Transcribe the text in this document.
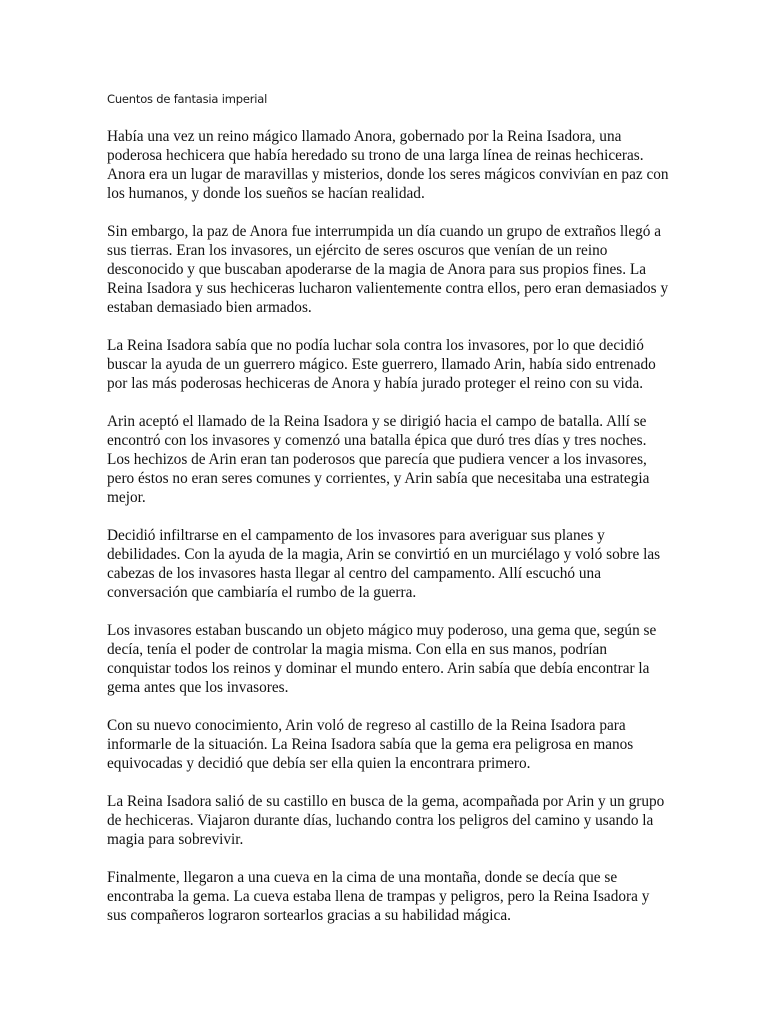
Cuentos de fantasia imperial

Había una vez un reino mágico llamado Anora, gobernado por la Reina Isadora, una poderosa hechicera que había heredado su trono de una larga línea de reinas hechiceras. Anora era un lugar de maravillas y misterios, donde los seres mágicos convivían en paz con los humanos, y donde los sueños se hacían realidad.

Sin embargo, la paz de Anora fue interrumpida un día cuando un grupo de extraños llegó a sus tierras. Eran los invasores, un ejército de seres oscuros que venían de un reino desconocido y que buscaban apoderarse de la magia de Anora para sus propios fines. La Reina Isadora y sus hechiceras lucharon valientemente contra ellos, pero eran demasiados y estaban demasiado bien armados.

La Reina Isadora sabía que no podía luchar sola contra los invasores, por lo que decidió buscar la ayuda de un guerrero mágico. Este guerrero, llamado Arin, había sido entrenado por las más poderosas hechiceras de Anora y había jurado proteger el reino con su vida.

Arin aceptó el llamado de la Reina Isadora y se dirigió hacia el campo de batalla. Allí se encontró con los invasores y comenzó una batalla épica que duró tres días y tres noches. Los hechizos de Arin eran tan poderosos que parecía que pudiera vencer a los invasores, pero éstos no eran seres comunes y corrientes, y Arin sabía que necesitaba una estrategia mejor.

Decidió infiltrarse en el campamento de los invasores para averiguar sus planes y debilidades. Con la ayuda de la magia, Arin se convirtió en un murciélago y voló sobre las cabezas de los invasores hasta llegar al centro del campamento. Allí escuchó una conversación que cambiaría el rumbo de la guerra.

Los invasores estaban buscando un objeto mágico muy poderoso, una gema que, según se decía, tenía el poder de controlar la magia misma. Con ella en sus manos, podrían conquistar todos los reinos y dominar el mundo entero. Arin sabía que debía encontrar la gema antes que los invasores.

Con su nuevo conocimiento, Arin voló de regreso al castillo de la Reina Isadora para informarle de la situación. La Reina Isadora sabía que la gema era peligrosa en manos equivocadas y decidió que debía ser ella quien la encontrara primero.

La Reina Isadora salió de su castillo en busca de la gema, acompañada por Arin y un grupo de hechiceras. Viajaron durante días, luchando contra los peligros del camino y usando la magia para sobrevivir.

Finalmente, llegaron a una cueva en la cima de una montaña, donde se decía que se encontraba la gema. La cueva estaba llena de trampas y peligros, pero la Reina Isadora y sus compañeros lograron sortearlos gracias a su habilidad mágica.
